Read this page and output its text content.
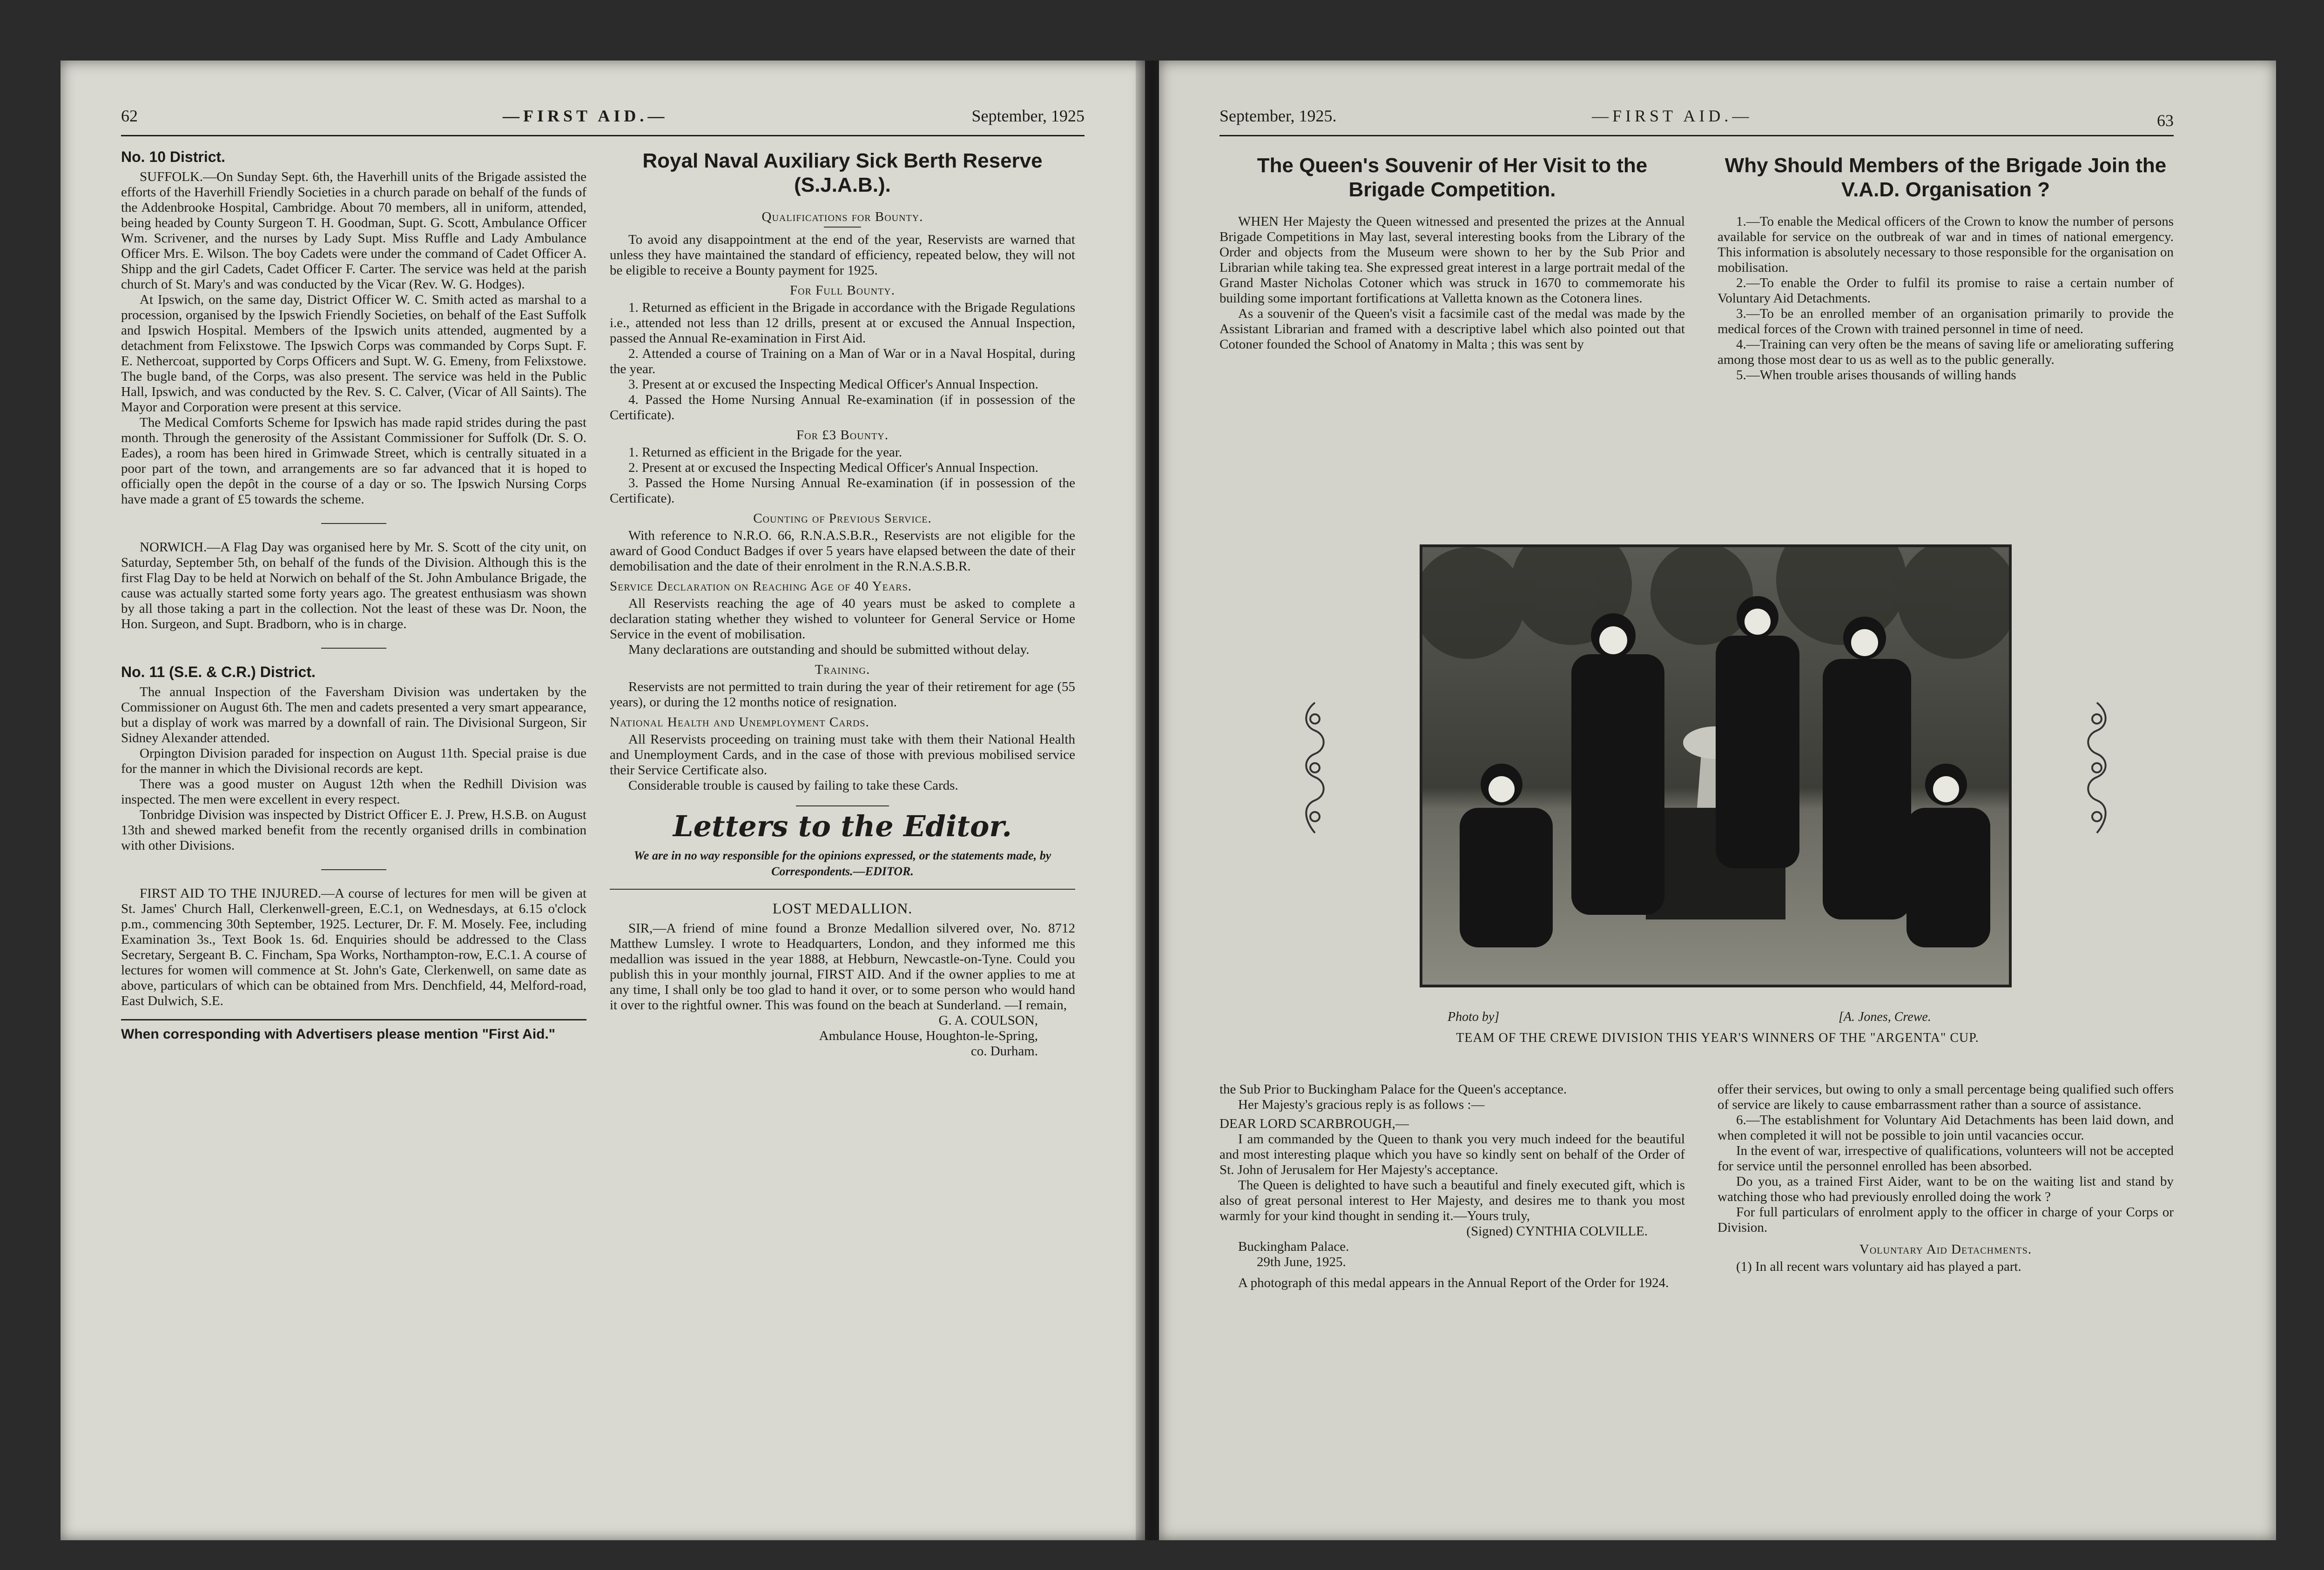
62	—FIRST AID.—	September, 1925
No. 10 District.

SUFFOLK.—On Sunday Sept. 6th, the Haverhill units of the Brigade assisted the efforts of the Haverhill Friendly Societies in a church parade on behalf of the funds of the Addenbrooke Hospital, Cambridge. About 70 members, all in uniform, attended, being headed by County Surgeon T. H. Goodman, Supt. G. Scott, Ambulance Officer Wm. Scrivener, and the nurses by Lady Supt. Miss Ruffle and Lady Ambulance Officer Mrs. E. Wilson. The boy Cadets were under the command of Cadet Officer A. Shipp and the girl Cadets, Cadet Officer F. Carter. The service was held at the parish church of St. Mary's and was conducted by the Vicar (Rev. W. G. Hodges).

At Ipswich, on the same day, District Officer W. C. Smith acted as marshal to a procession, organised by the Ipswich Friendly Societies, on behalf of the East Suffolk and Ipswich Hospital. Members of the Ipswich units attended, augmented by a detachment from Felixstowe. The Ipswich Corps was commanded by Corps Supt. F. E. Nethercoat, supported by Corps Officers and Supt. W. G. Emeny, from Felixstowe. The bugle band, of the Corps, was also present. The service was held in the Public Hall, Ipswich, and was conducted by the Rev. S. C. Calver, (Vicar of All Saints). The Mayor and Corporation were present at this service.

The Medical Comforts Scheme for Ipswich has made rapid strides during the past month. Through the generosity of the Assistant Commissioner for Suffolk (Dr. S. O. Eades), a room has been hired in Grimwade Street, which is centrally situated in a poor part of the town, and arrangements are so far advanced that it is hoped to officially open the depôt in the course of a day or so. The Ipswich Nursing Corps have made a grant of £5 towards the scheme.

NORWICH.—A Flag Day was organised here by Mr. S. Scott of the city unit, on Saturday, September 5th, on behalf of the funds of the Division. Although this is the first Flag Day to be held at Norwich on behalf of the St. John Ambulance Brigade, the cause was actually started some forty years ago. The greatest enthusiasm was shown by all those taking a part in the collection. Not the least of these was Dr. Noon, the Hon. Surgeon, and Supt. Bradborn, who is in charge.

No. 11 (S.E. & C.R.) District.

The annual Inspection of the Faversham Division was undertaken by the Commissioner on August 6th. The men and cadets presented a very smart appearance, but a display of work was marred by a downfall of rain. The Divisional Surgeon, Sir Sidney Alexander attended.

Orpington Division paraded for inspection on August 11th. Special praise is due for the manner in which the Divisional records are kept.

There was a good muster on August 12th when the Redhill Division was inspected. The men were excellent in every respect.

Tonbridge Division was inspected by District Officer E. J. Prew, H.S.B. on August 13th and shewed marked benefit from the recently organised drills in combination with other Divisions.

FIRST AID TO THE INJURED.—A course of lectures for men will be given at St. James' Church Hall, Clerkenwell-green, E.C.1, on Wednesdays, at 6.15 o'clock p.m., commencing 30th September, 1925. Lecturer, Dr. F. M. Mosely. Fee, including Examination 3s., Text Book 1s. 6d. Enquiries should be addressed to the Class Secretary, Sergeant B. C. Fincham, Spa Works, Northampton-row, E.C.1. A course of lectures for women will commence at St. John's Gate, Clerkenwell, on same date as above, particulars of which can be obtained from Mrs. Denchfield, 44, Melford-road, East Dulwich, S.E.

When corresponding with Advertisers please mention "First Aid."

Royal Naval Auxiliary Sick Berth Reserve (S.J.A.B.).
Qualifications for Bounty.

To avoid any disappointment at the end of the year, Reservists are warned that unless they have maintained the standard of efficiency, repeated below, they will not be eligible to receive a Bounty payment for 1925.

For Full Bounty.

1. Returned as efficient in the Brigade in accordance with the Brigade Regulations i.e., attended not less than 12 drills, present at or excused the Annual Inspection, passed the Annual Re-examination in First Aid.

2. Attended a course of Training on a Man of War or in a Naval Hospital, during the year.

3. Present at or excused the Inspecting Medical Officer's Annual Inspection.

4. Passed the Home Nursing Annual Re-examination (if in possession of the Certificate).

For £3 Bounty.

1. Returned as efficient in the Brigade for the year.

2. Present at or excused the Inspecting Medical Officer's Annual Inspection.

3. Passed the Home Nursing Annual Re-examination (if in possession of the Certificate).

Counting of Previous Service.

With reference to N.R.O. 66, R.N.A.S.B.R., Reservists are not eligible for the award of Good Conduct Badges if over 5 years have elapsed between the date of their demobilisation and the date of their enrolment in the R.N.A.S.B.R.

Service Declaration on Reaching Age of 40 Years.

All Reservists reaching the age of 40 years must be asked to complete a declaration stating whether they wished to volunteer for General Service or Home Service in the event of mobilisation.

Many declarations are outstanding and should be submitted without delay.

Training.

Reservists are not permitted to train during the year of their retirement for age (55 years), or during the 12 months notice of resignation.

National Health and Unemployment Cards.

All Reservists proceeding on training must take with them their National Health and Unemployment Cards, and in the case of those with previous mobilised service their Service Certificate also.

Considerable trouble is caused by failing to take these Cards.

Letters to the Editor.
We are in no way responsible for the opinions expressed, or the statements made, by Correspondents.—EDITOR.
LOST MEDALLION.

SIR,—A friend of mine found a Bronze Medallion silvered over, No. 8712 Matthew Lumsley. I wrote to Headquarters, London, and they informed me this medallion was issued in the year 1888, at Hebburn, Newcastle-on-Tyne. Could you publish this in your monthly journal, FIRST AID. And if the owner applies to me at any time, I shall only be too glad to hand it over, or to some person who would hand it over to the rightful owner. This was found on the beach at Sunderland. —I remain,

G. A. COULSON,

Ambulance House, Houghton-le-Spring,

co. Durham.

September, 1925.	—FIRST AID.—	63
The Queen's Souvenir of Her Visit to the Brigade Competition.

WHEN Her Majesty the Queen witnessed and presented the prizes at the Annual Brigade Competitions in May last, several interesting books from the Library of the Order and objects from the Museum were shown to her by the Sub Prior and Librarian while taking tea. She expressed great interest in a large portrait medal of the Grand Master Nicholas Cotoner which was struck in 1670 to commemorate his building some important fortifications at Valletta known as the Cotonera lines.

As a souvenir of the Queen's visit a facsimile cast of the medal was made by the Assistant Librarian and framed with a descriptive label which also pointed out that Cotoner founded the School of Anatomy in Malta ; this was sent by

Why Should Members of the Brigade Join the V.A.D. Organisation ?

1.—To enable the Medical officers of the Crown to know the number of persons available for service on the outbreak of war and in times of national emergency. This information is absolutely necessary to those responsible for the organisation on mobilisation.

2.—To enable the Order to fulfil its promise to raise a certain number of Voluntary Aid Detachments.

3.—To be an enrolled member of an organisation primarily to provide the medical forces of the Crown with trained personnel in time of need.

4.—Training can very often be the means of saving life or ameliorating suffering among those most dear to us as well as to the public generally.

5.—When trouble arises thousands of willing hands

Photo by]	[A. Jones, Crewe.
TEAM OF THE CREWE DIVISION THIS YEAR'S WINNERS OF THE "ARGENTA" CUP.

the Sub Prior to Buckingham Palace for the Queen's acceptance.

Her Majesty's gracious reply is as follows :—

DEAR LORD SCARBROUGH,—

I am commanded by the Queen to thank you very much indeed for the beautiful and most interesting plaque which you have so kindly sent on behalf of the Order of St. John of Jerusalem for Her Majesty's acceptance.

The Queen is delighted to have such a beautiful and finely executed gift, which is also of great personal interest to Her Majesty, and desires me to thank you most warmly for your kind thought in sending it.—Yours truly,

(Signed) CYNTHIA COLVILLE.

Buckingham Palace.

29th June, 1925.

A photograph of this medal appears in the Annual Report of the Order for 1924.

offer their services, but owing to only a small percentage being qualified such offers of service are likely to cause embarrassment rather than a source of assistance.

6.—The establishment for Voluntary Aid Detachments has been laid down, and when completed it will not be possible to join until vacancies occur.

In the event of war, irrespective of qualifications, volunteers will not be accepted for service until the personnel enrolled has been absorbed.

Do you, as a trained First Aider, want to be on the waiting list and stand by watching those who had previously enrolled doing the work ?

For full particulars of enrolment apply to the officer in charge of your Corps or Division.

Voluntary Aid Detachments.

(1) In all recent wars voluntary aid has played a part.
